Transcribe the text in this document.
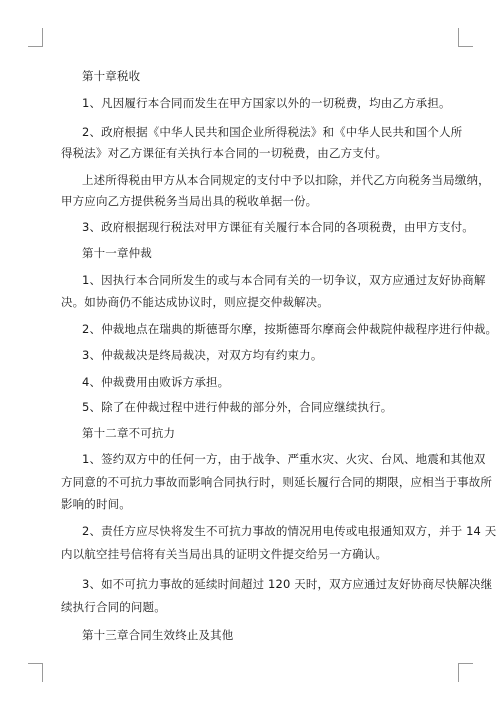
第十章税收
1、凡因履行本合同而发生在甲方国家以外的一切税费，均由乙方承担。
2、政府根据《中华人民共和国企业所得税法》和《中华人民共和国个人所
得税法》对乙方课征有关执行本合同的一切税费，由乙方支付。
上述所得税由甲方从本合同规定的支付中予以扣除，并代乙方向税务当局缴纳，
甲方应向乙方提供税务当局出具的税收单据一份。
3、政府根据现行税法对甲方课征有关履行本合同的各项税费，由甲方支付。
第十一章仲裁
1、因执行本合同所发生的或与本合同有关的一切争议，双方应通过友好协商解
决。如协商仍不能达成协议时，则应提交仲裁解决。
2、仲裁地点在瑞典的斯德哥尔摩，按斯德哥尔摩商会仲裁院仲裁程序进行仲裁。
3、仲裁裁决是终局裁决，对双方均有约束力。
4、仲裁费用由败诉方承担。
5、除了在仲裁过程中进行仲裁的部分外，合同应继续执行。
第十二章不可抗力
1、签约双方中的任何一方，由于战争、严重水灾、火灾、台风、地震和其他双
方同意的不可抗力事故而影响合同执行时，则延长履行合同的期限，应相当于事故所
影响的时间。
2、责任方应尽快将发生不可抗力事故的情况用电传或电报通知双方，并于 14 天
内以航空挂号信将有关当局出具的证明文件提交给另一方确认。
3、如不可抗力事故的延续时间超过 120 天时，双方应通过友好协商尽快解决继
续执行合同的问题。
第十三章合同生效终止及其他
